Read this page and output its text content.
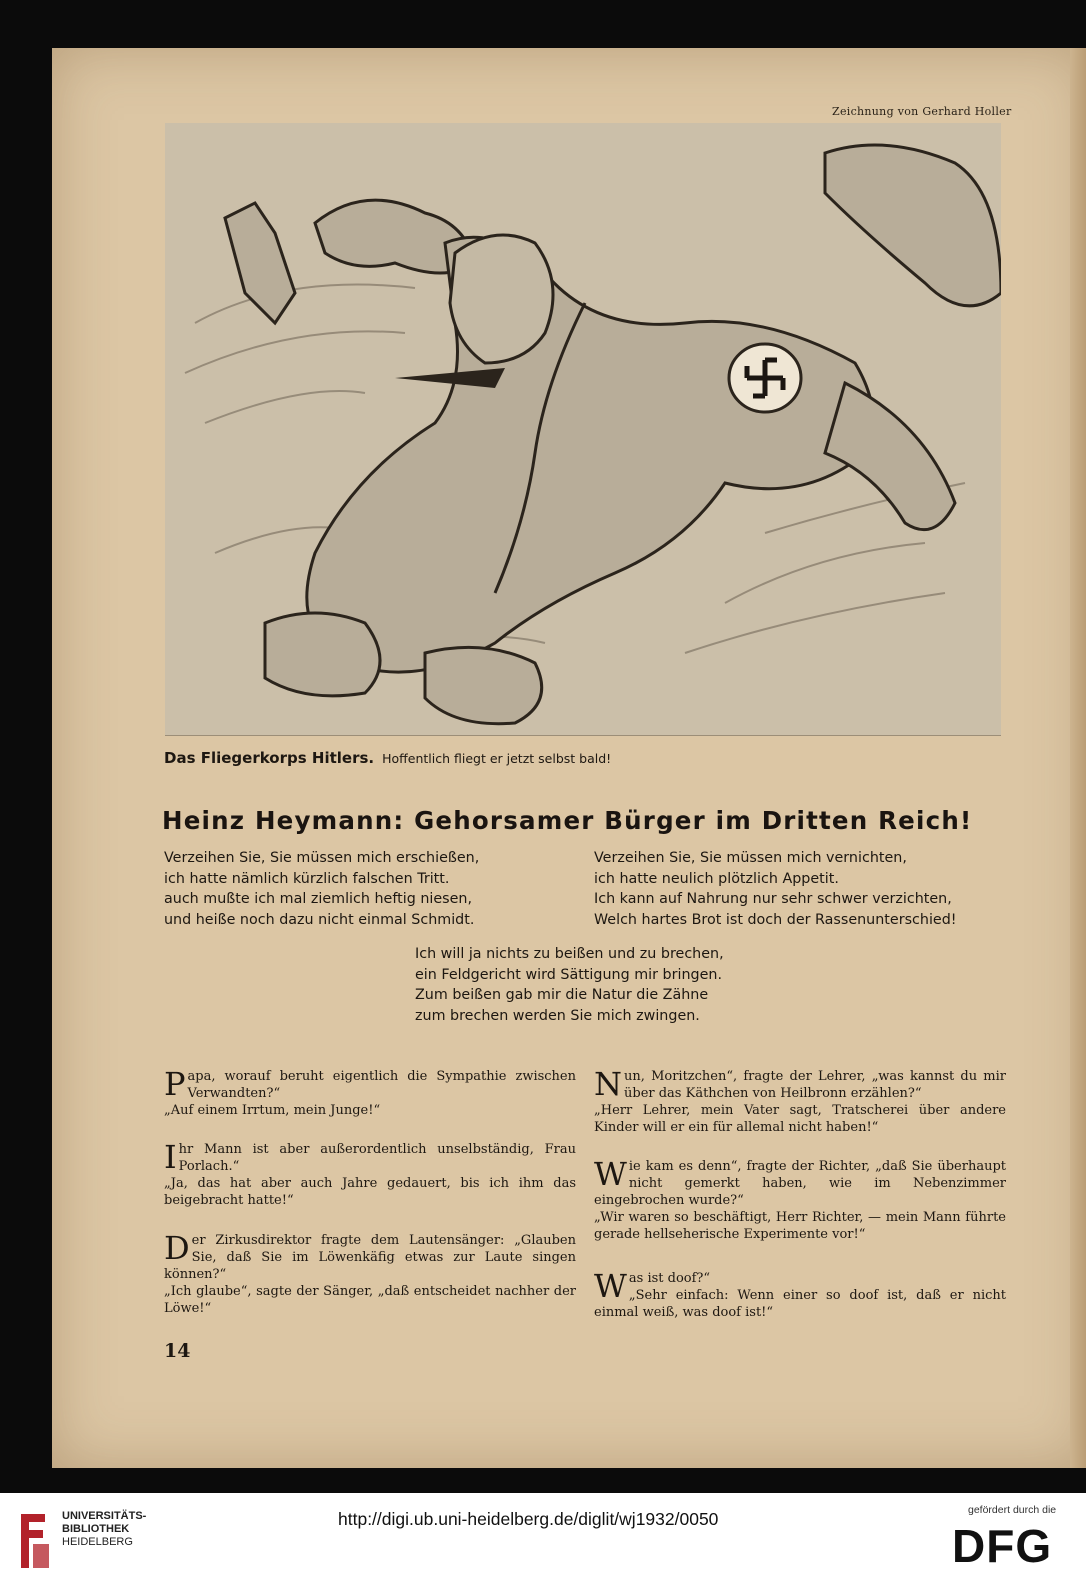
Zeichnung von Gerhard Holler
Das Fliegerkorps Hitlers. Hoffentlich fliegt er jetzt selbst bald!
Heinz Heymann: Gehorsamer Bürger im Dritten Reich!
Verzeihen Sie, Sie müssen mich erschießen,
ich hatte nämlich kürzlich falschen Tritt.
auch mußte ich mal ziemlich heftig niesen,
und heiße noch dazu nicht einmal Schmidt.
Verzeihen Sie, Sie müssen mich vernichten,
ich hatte neulich plötzlich Appetit.
Ich kann auf Nahrung nur sehr schwer verzichten,
Welch hartes Brot ist doch der Rassenunterschied!
Ich will ja nichts zu beißen und zu brechen,
ein Feldgericht wird Sättigung mir bringen.
Zum beißen gab mir die Natur die Zähne
zum brechen werden Sie mich zwingen.

Papa, worauf beruht eigentlich die Sympathie zwischen Verwandten?“

„Auf einem Irrtum, mein Junge!“

Ihr Mann ist aber außerordentlich unselbständig, Frau Porlach.“

„Ja, das hat aber auch Jahre gedauert, bis ich ihm das beigebracht hatte!“

Der Zirkusdirektor fragte dem Lautensänger: „Glauben Sie, daß Sie im Löwenkäfig etwas zur Laute singen können?“

„Ich glaube“, sagte der Sänger, „daß entscheidet nachher der Löwe!“

Nun, Moritzchen“, fragte der Lehrer, „was kannst du mir über das Käthchen von Heilbronn erzählen?“

„Herr Lehrer, mein Vater sagt, Tratscherei über andere Kinder will er ein für allemal nicht haben!“

Wie kam es denn“, fragte der Richter, „daß Sie überhaupt nicht gemerkt haben, wie im Nebenzimmer eingebrochen wurde?“

„Wir waren so beschäftigt, Herr Richter, — mein Mann führte gerade hellseherische Experimente vor!“

Was ist doof?“

„Sehr einfach: Wenn einer so doof ist, daß er nicht einmal weiß, was doof ist!“

14
UNIVERSITÄTS-
BIBLIOTHEK
HEIDELBERG
http://digi.ub.uni-heidelberg.de/diglit/wj1932/0050	gefördert durch die
DFG
